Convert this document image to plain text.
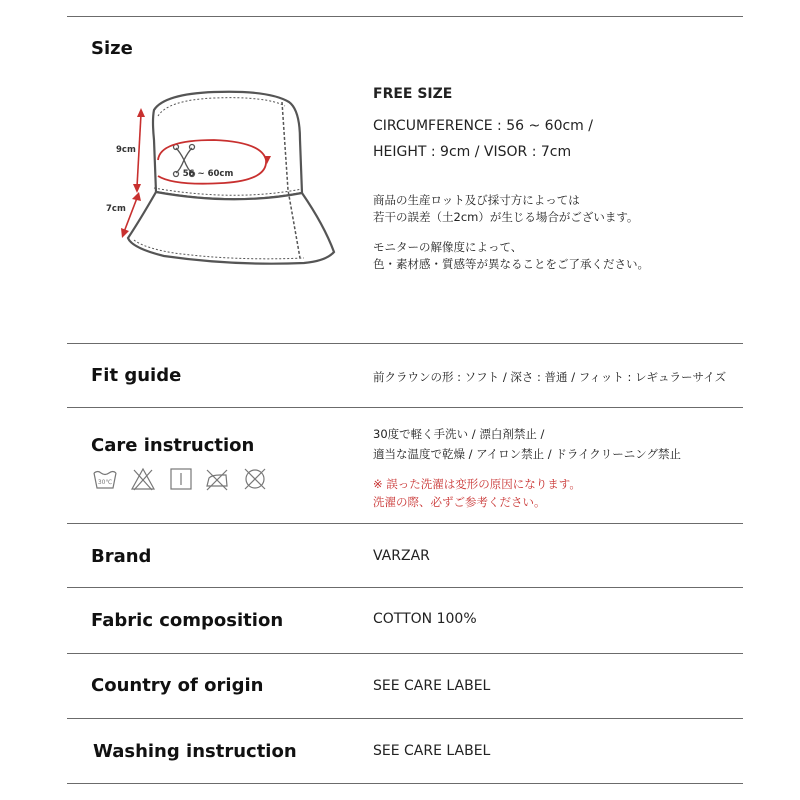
Size
56 ~ 60cm
9cm
7cm
FREE SIZE
CIRCUMFERENCE : 56 ~ 60cm /
HEIGHT : 9cm / VISOR : 7cm
商品の生産ロット及び採寸方によっては
若干の誤差（土2cm）が生じる場合がございます。
モニターの解像度によって、
色・素材感・質感等が異なることをご了承ください。
Fit guide	前クラウンの形 : ソフト / 深さ : 普通 / フィット : レギュラーサイズ
Care instruction
30℃
30度で軽く手洗い / 漂白剤禁止 /
適当な温度で乾燥 / アイロン禁止 / ドライクリーニング禁止
※ 誤った洗濯は変形の原因になります。
洗濯の際、必ずご参考ください。
Brand	VARZAR
Fabric composition	COTTON 100%
Country of origin	SEE CARE LABEL
Washing instruction	SEE CARE LABEL
